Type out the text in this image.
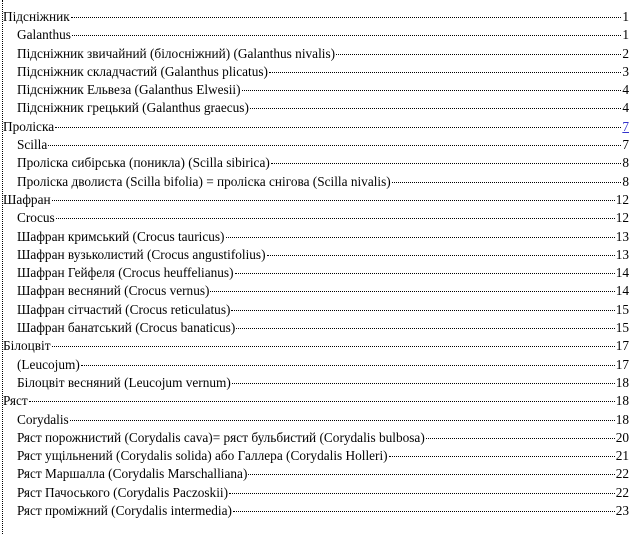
Підсніжник	1
Galanthus	1
Підсніжник звичайний (білосніжний) (Galanthus nivalis)	2
Підсніжник складчастий (Galanthus plicatus)	3
Підсніжник Ельвеза (Galanthus Elwesii)	4
Підсніжник грецький (Galanthus graecus)	4
Проліска	7
Scilla	7
Проліска сибірська (поникла) (Scilla sibirica)	8
Проліска дволиста (Scilla bifolia) = проліска снігова (Scilla nivalis)	8
Шафран	12
Crocus	12
Шафран кримський (Crocus tauricus)	13
Шафран вузьколистий (Crocus angustifolius)	13
Шафран Гейфеля (Crocus heuffelianus)	14
Шафран весняний (Crocus vernus)	14
Шафран сітчастий (Crocus reticulatus)	15
Шафран банатський (Crocus banaticus)	15
Білоцвіт	17
(Leucojum)	17
Білоцвіт весняний (Leucojum vernum)	18
Ряст	18
Corydalis	18
Ряст порожнистий (Corydalis cava)= ряст бульбистий (Corydalis bulbosa)	20
Ряст ущільнений (Corydalis solida) або Галлера (Corydalis Holleri)	21
Ряст Маршалла (Corydalis Marschalliana)	22
Ряст Пачоського (Corydalis Paczoskii)	22
Ряст проміжний (Corydalis intermedia)	23
